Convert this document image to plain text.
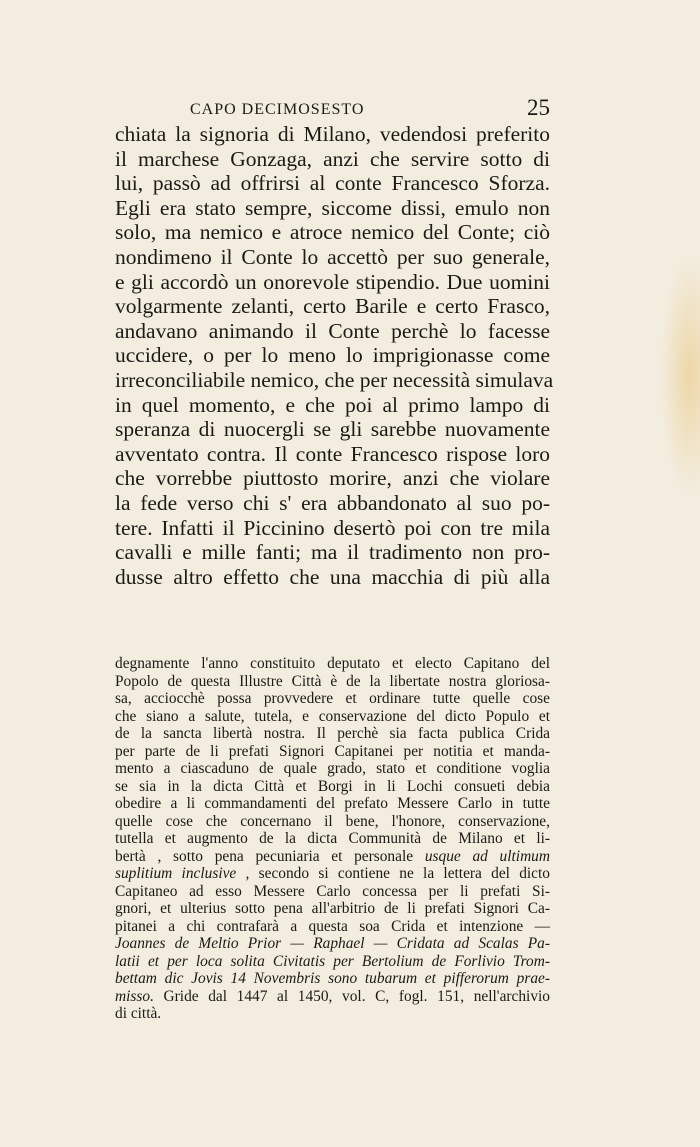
CAPO DECIMOSESTO	25
chiata la signoria di Milano, vedendosi preferito
il marchese Gonzaga, anzi che servire sotto di
lui, passò ad offrirsi al conte Francesco Sforza.
Egli era stato sempre, siccome dissi, emulo non
solo, ma nemico e atroce nemico del Conte; ciò
nondimeno il Conte lo accettò per suo generale,
e gli accordò un onorevole stipendio. Due uomini
volgarmente zelanti, certo Barile e certo Frasco,
andavano animando il Conte perchè lo facesse
uccidere, o per lo meno lo imprigionasse come
irreconciliabile nemico, che per necessità simulava
in quel momento, e che poi al primo lampo di
speranza di nuocergli se gli sarebbe nuovamente
avventato contra. Il conte Francesco rispose loro
che vorrebbe piuttosto morire, anzi che violare
la fede verso chi s' era abbandonato al suo po-
tere. Infatti il Piccinino desertò poi con tre mila
cavalli e mille fanti; ma il tradimento non pro-
dusse altro effetto che una macchia di più alla
degnamente l'anno constituito deputato et electo Capitano del
Popolo de questa Illustre Città è de la libertate nostra gloriosa-
sa, acciocchè possa provvedere et ordinare tutte quelle cose
che siano a salute, tutela, e conservazione del dicto Populo et
de la sancta libertà nostra. Il perchè sia facta publica Crida
per parte de li prefati Signori Capitanei per notitia et manda-
mento a ciascaduno de quale grado, stato et conditione voglia
se sia in la dicta Città et Borgi in li Lochi consueti debia
obedire a li commandamenti del prefato Messere Carlo in tutte
quelle cose che concernano il bene, l'honore, conservazione,
tutella et augmento de la dicta Communità de Milano et li-
bertà , sotto pena pecuniaria et personale usque ad ultimum
suplitium inclusive , secondo si contiene ne la lettera del dicto
Capitaneo ad esso Messere Carlo concessa per li prefati Si-
gnori, et ulterius sotto pena all'arbitrio de li prefati Signori Ca-
pitanei a chi contrafarà a questa soa Crida et intenzione —
Joannes de Meltio Prior — Raphael — Cridata ad Scalas Pa-
latii et per loca solita Civitatis per Bertolium de Forlivio Trom-
bettam dic Jovis 14 Novembris sono tubarum et pifferorum prae-
misso. Gride dal 1447 al 1450, vol. C, fogl. 151, nell'archivio
di città.
